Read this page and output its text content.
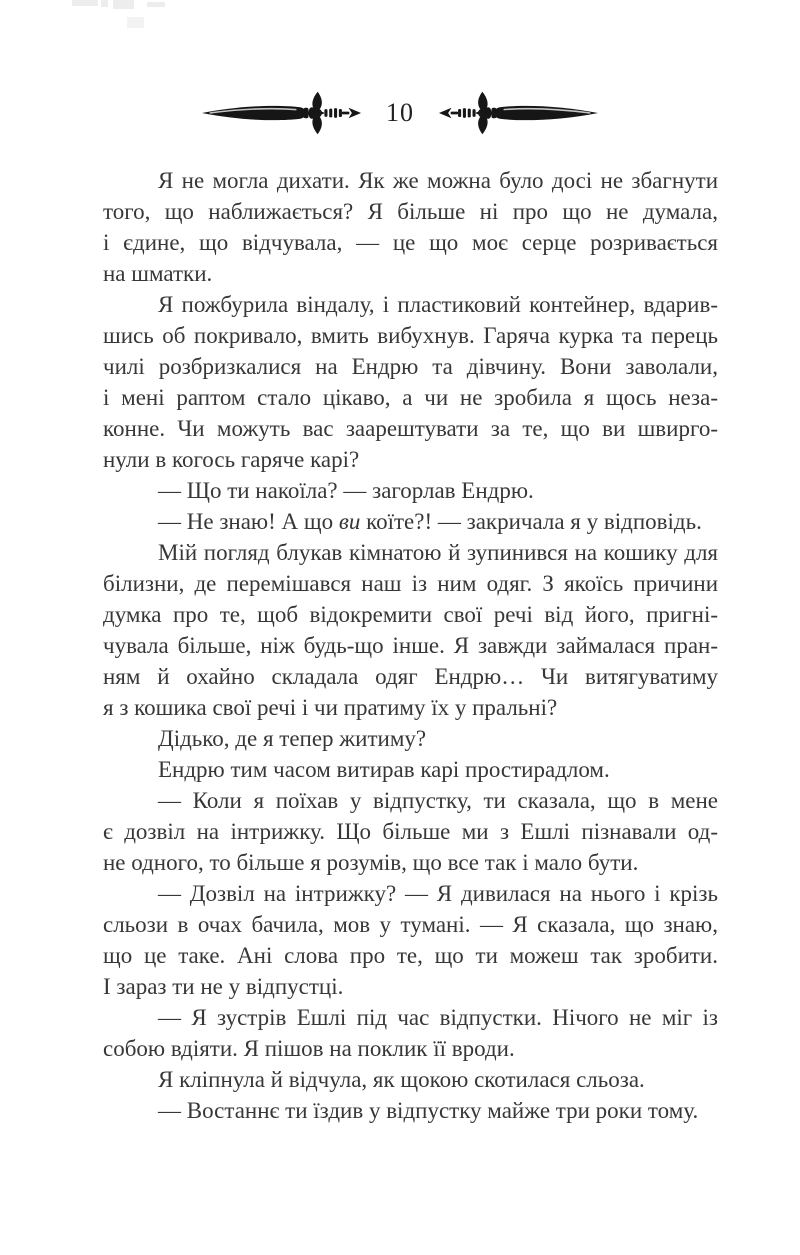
10

Я не могла дихати. Як же можна було досі не збагнути
того, що наближається? Я більше ні про що не думала,
і єдине, що відчувала, — це що моє серце розривається
на шматки.

Я пожбурила віндалу, і пластиковий контейнер, вдарив-
шись об покривало, вмить вибухнув. Гаряча курка та перець
чилі розбризкалися на Ендрю та дівчину. Вони заволали,
і мені раптом стало цікаво, а чи не зробила я щось неза-
конне. Чи можуть вас заарештувати за те, що ви швирго-
нули в когось гаряче карі?

— Що ти накоїла? — загорлав Ендрю.

— Не знаю! А що ви коїте?! — закричала я у відповідь.

Мій погляд блукав кімнатою й зупинився на кошику для
білизни, де перемішався наш із ним одяг. З якоїсь причини
думка про те, щоб відокремити свої речі від його, пригні-
чувала більше, ніж будь-що інше. Я завжди займалася пран-
ням й охайно складала одяг Ендрю… Чи витягуватиму
я з кошика свої речі і чи пратиму їх у пральні?

Дідько, де я тепер житиму?

Ендрю тим часом витирав карі простирадлом.

— Коли я поїхав у відпустку, ти сказала, що в мене
є дозвіл на інтрижку. Що більше ми з Ешлі пізнавали од-
не одного, то більше я розумів, що все так і мало бути.

— Дозвіл на інтрижку? — Я дивилася на нього і крізь
сльози в очах бачила, мов у тумані. — Я сказала, що знаю,
що це таке. Ані слова про те, що ти можеш так зробити.
І зараз ти не у відпустці.

— Я зустрів Ешлі під час відпустки. Нічого не міг із
собою вдіяти. Я пішов на поклик її вроди.

Я кліпнула й відчула, як щокою скотилася сльоза.

— Востаннє ти їздив у відпустку майже три роки тому.
